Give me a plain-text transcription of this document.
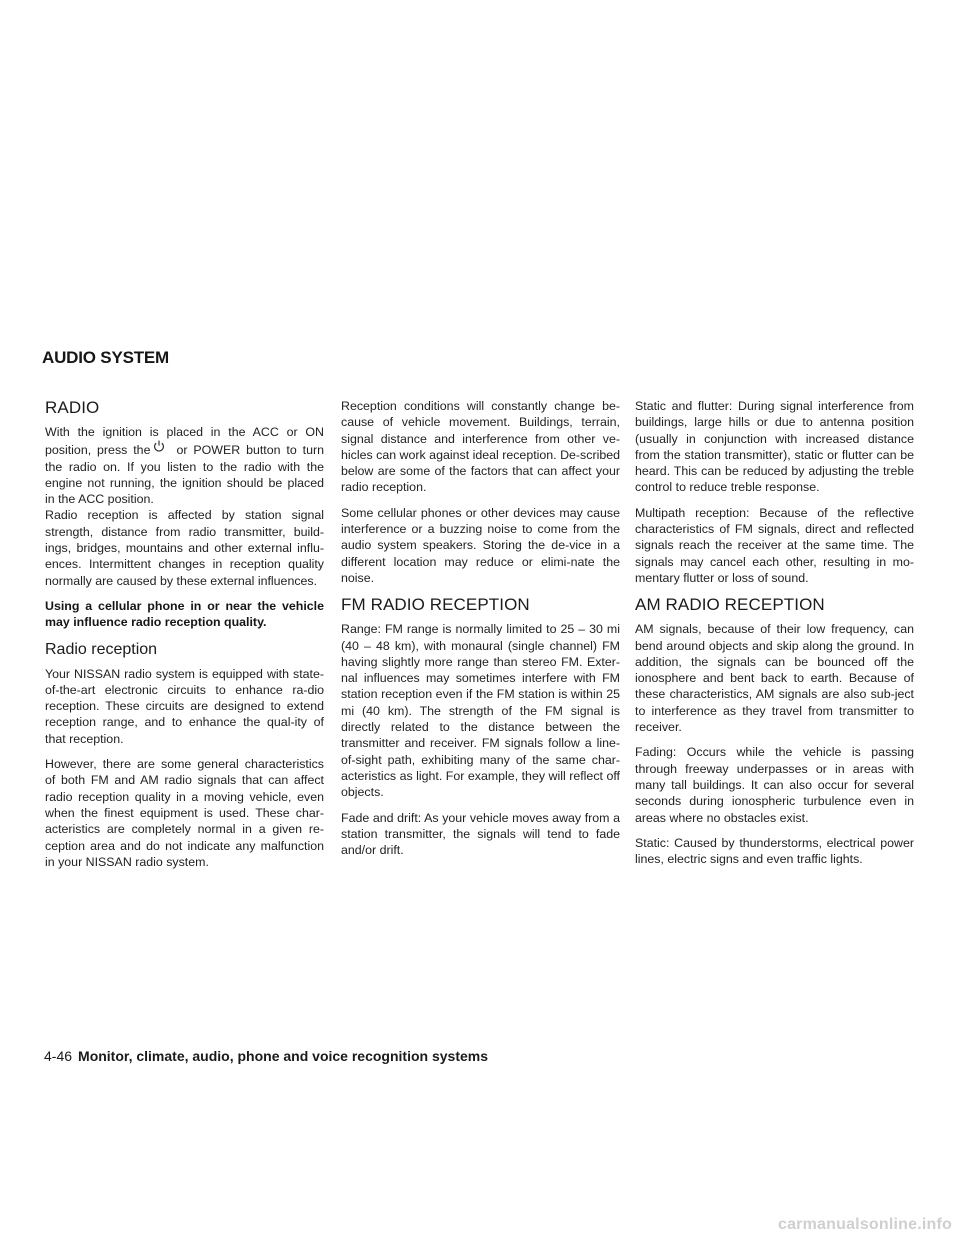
AUDIO SYSTEM
RADIO

With the ignition is placed in the ACC or ON position, press the or POWER button to turn the radio on. If you listen to the radio with the engine not running, the ignition should be placed in the ACC position.

Radio reception is affected by station signal strength, distance from radio transmitter, build-ings, bridges, mountains and other external influ-ences. Intermittent changes in reception quality normally are caused by these external influences.

Using a cellular phone in or near the vehicle may influence radio reception quality.

Radio reception

Your NISSAN radio system is equipped with state-of-the-art electronic circuits to enhance ra-dio reception. These circuits are designed to extend reception range, and to enhance the qual-ity of that reception.

However, there are some general characteristics of both FM and AM radio signals that can affect radio reception quality in a moving vehicle, even when the finest equipment is used. These char-acteristics are completely normal in a given re-ception area and do not indicate any malfunction in your NISSAN radio system.

Reception conditions will constantly change be-cause of vehicle movement. Buildings, terrain, signal distance and interference from other ve-hicles can work against ideal reception. De-scribed below are some of the factors that can affect your radio reception.

Some cellular phones or other devices may cause interference or a buzzing noise to come from the audio system speakers. Storing the de-vice in a different location may reduce or elimi-nate the noise.

FM RADIO RECEPTION

Range: FM range is normally limited to 25 – 30 mi (40 – 48 km), with monaural (single channel) FM having slightly more range than stereo FM. Exter-nal influences may sometimes interfere with FM station reception even if the FM station is within 25 mi (40 km). The strength of the FM signal is directly related to the distance between the transmitter and receiver. FM signals follow a line-of-sight path, exhibiting many of the same char-acteristics as light. For example, they will reflect off objects.

Fade and drift: As your vehicle moves away from a station transmitter, the signals will tend to fade and/or drift.

Static and flutter: During signal interference from buildings, large hills or due to antenna position (usually in conjunction with increased distance from the station transmitter), static or flutter can be heard. This can be reduced by adjusting the treble control to reduce treble response.

Multipath reception: Because of the reflective characteristics of FM signals, direct and reflected signals reach the receiver at the same time. The signals may cancel each other, resulting in mo-mentary flutter or loss of sound.

AM RADIO RECEPTION

AM signals, because of their low frequency, can bend around objects and skip along the ground. In addition, the signals can be bounced off the ionosphere and bent back to earth. Because of these characteristics, AM signals are also sub-ject to interference as they travel from transmitter to receiver.

Fading: Occurs while the vehicle is passing through freeway underpasses or in areas with many tall buildings. It can also occur for several seconds during ionospheric turbulence even in areas where no obstacles exist.

Static: Caused by thunderstorms, electrical power lines, electric signs and even traffic lights.

4-46 Monitor, climate, audio, phone and voice recognition systems
carmanualsonline.info
